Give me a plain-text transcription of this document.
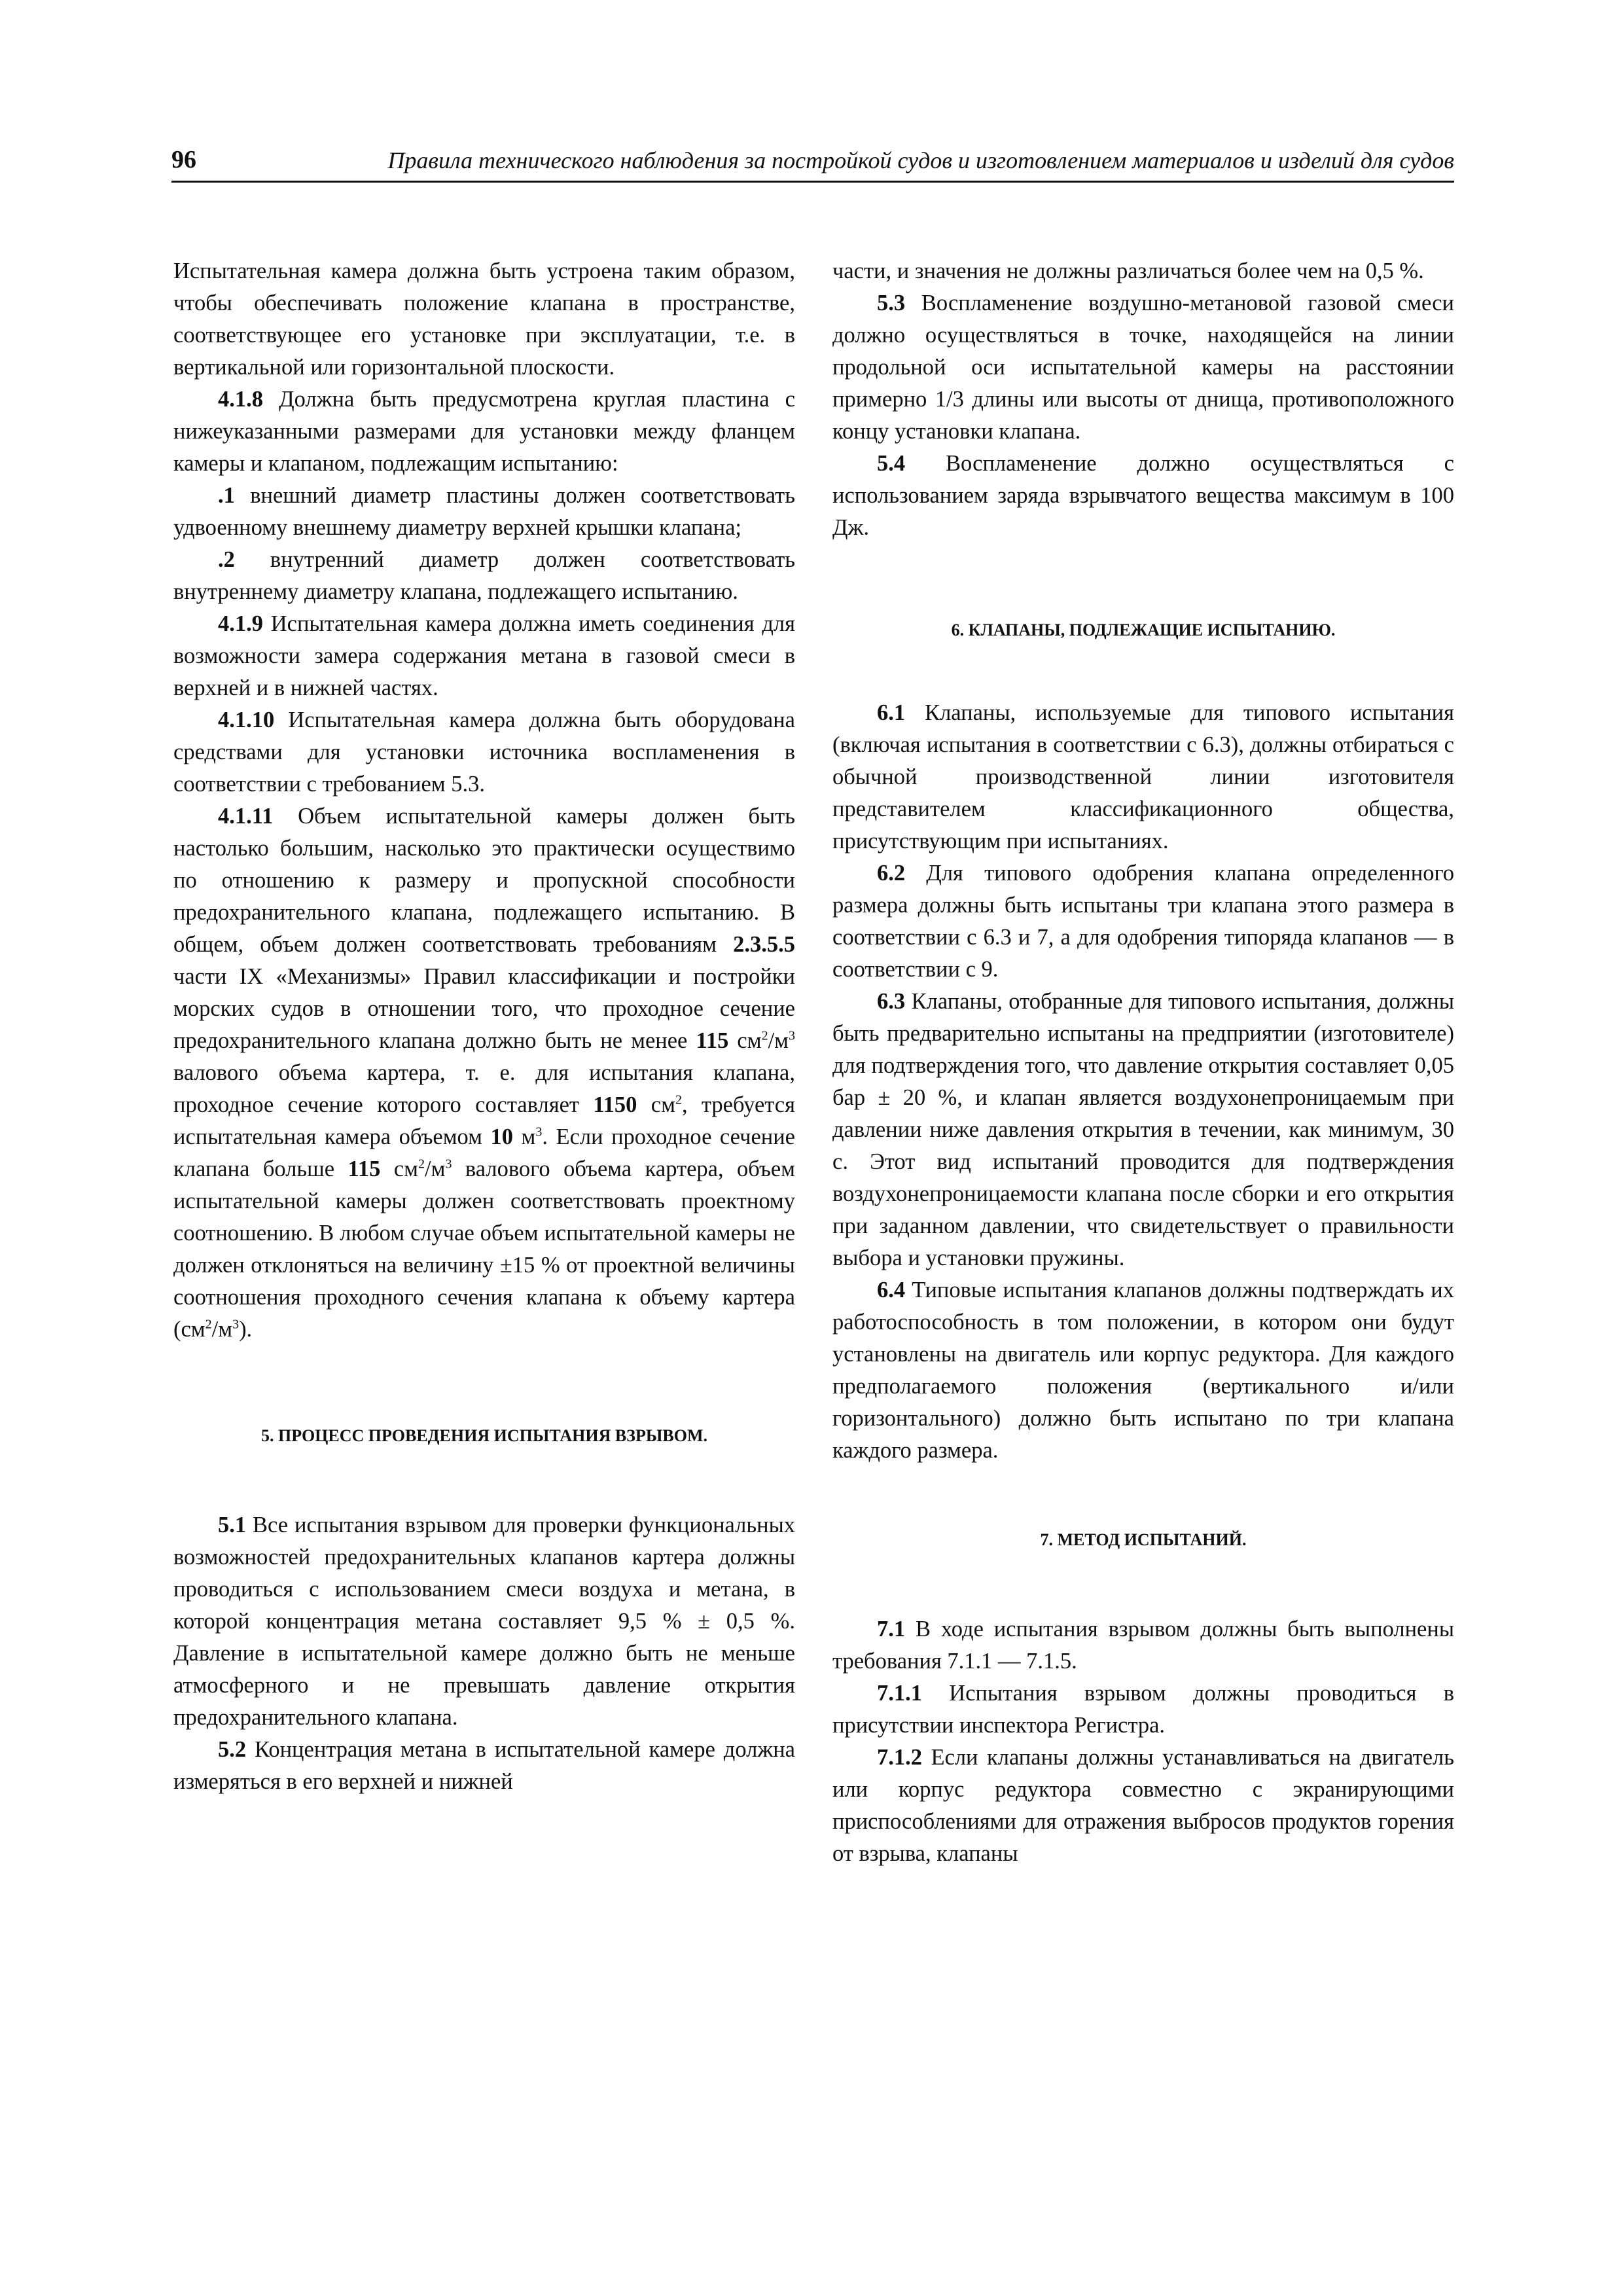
96	Правила технического наблюдения за постройкой судов и изготовлением материалов и изделий для судов

Испытательная камера должна быть устроена таким образом, чтобы обеспечивать положение клапана в пространстве, соответствующее его установке при эксплуатации, т.е. в вертикальной или горизонтальной плоскости.

4.1.8 Должна быть предусмотрена круглая пластина с нижеуказанными размерами для установки между фланцем камеры и клапаном, подлежащим испытанию:

.1 внешний диаметр пластины должен соответствовать удвоенному внешнему диаметру верхней крышки клапана;

.2 внутренний диаметр должен соответствовать внутреннему диаметру клапана, подлежащего испытанию.

4.1.9 Испытательная камера должна иметь соединения для возможности замера содержания метана в газовой смеси в верхней и в нижней частях.

4.1.10 Испытательная камера должна быть оборудована средствами для установки источника воспламенения в соответствии с требованием 5.3.

4.1.11 Объем испытательной камеры должен быть настолько большим, насколько это практически осуществимо по отношению к размеру и пропускной способности предохранительного клапана, подлежащего испытанию. В общем, объем должен соответствовать требованиям 2.3.5.5 части IX «Механизмы» Правил классификации и постройки морских судов в отношении того, что проходное сечение предохранительного клапана должно быть не менее 115 $см^2/м^3$ валового объема картера, т. е. для испытания клапана, проходное сечение которого составляет 1150 $см^2$, требуется испытательная камера объемом 10 $м^3$. Если проходное сечение клапана больше 115 $см^2/м^3$ валового объема картера, объем испытательной камеры должен соответствовать проектному соотношению. В любом случае объем испытательной камеры не должен отклоняться на величину ±15 % от проектной величины соотношения проходного сечения клапана к объему картера $(см^2/м^3)$.

5. ПРОЦЕСС ПРОВЕДЕНИЯ ИСПЫТАНИЯ ВЗРЫВОМ.

5.1 Все испытания взрывом для проверки функциональных возможностей предохранительных клапанов картера должны проводиться с использованием смеси воздуха и метана, в которой концентрация метана составляет 9,5 % ± 0,5 %. Давление в испытательной камере должно быть не меньше атмосферного и не превышать давление открытия предохранительного клапана.

5.2 Концентрация метана в испытательной камере должна измеряться в его верхней и нижней

части, и значения не должны различаться более чем на 0,5 %.

5.3 Воспламенение воздушно-метановой газовой смеси должно осуществляться в точке, находящейся на линии продольной оси испытательной камеры на расстоянии примерно 1/3 длины или высоты от днища, противоположного концу установки клапана.

5.4 Воспламенение должно осуществляться с использованием заряда взрывчатого вещества максимум в 100 Дж.

6. КЛАПАНЫ, ПОДЛЕЖАЩИЕ ИСПЫТАНИЮ.

6.1 Клапаны, используемые для типового испытания (включая испытания в соответствии с 6.3), должны отбираться с обычной производственной линии изготовителя представителем классификационного общества, присутствующим при испытаниях.

6.2 Для типового одобрения клапана определенного размера должны быть испытаны три клапана этого размера в соответствии с 6.3 и 7, а для одобрения типоряда клапанов — в соответствии с 9.

6.3 Клапаны, отобранные для типового испытания, должны быть предварительно испытаны на предприятии (изготовителе) для подтверждения того, что давление открытия составляет 0,05 бар ± 20 %, и клапан является воздухонепроницаемым при давлении ниже давления открытия в течении, как минимум, 30 с. Этот вид испытаний проводится для подтверждения воздухонепроницаемости клапана после сборки и его открытия при заданном давлении, что свидетельствует о правильности выбора и установки пружины.

6.4 Типовые испытания клапанов должны подтверждать их работоспособность в том положении, в котором они будут установлены на двигатель или корпус редуктора. Для каждого предполагаемого положения (вертикального и/или горизонтального) должно быть испытано по три клапана каждого размера.

7. МЕТОД ИСПЫТАНИЙ.

7.1 В ходе испытания взрывом должны быть выполнены требования 7.1.1 — 7.1.5.

7.1.1 Испытания взрывом должны проводиться в присутствии инспектора Регистра.

7.1.2 Если клапаны должны устанавливаться на двигатель или корпус редуктора совместно с экранирующими приспособлениями для отражения выбросов продуктов горения от взрыва, клапаны
